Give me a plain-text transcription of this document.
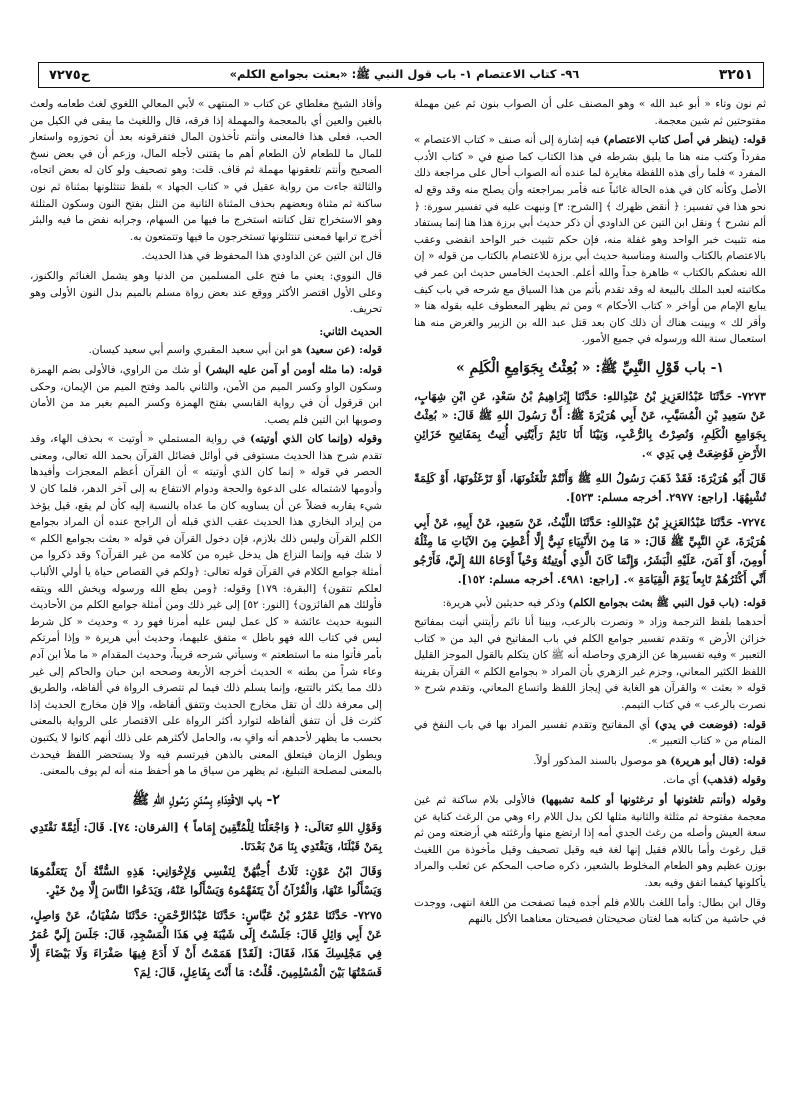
٣٢٥١
٩٦- كتاب الاعتصام ١- باب قول النبي ﷺ: «بعثت بجوامع الكلم»
ح٧٢٧٥

ثم نون وتاء « أبو عبد الله » وهو المصنف على أن الصواب بنون ثم عين مهملة مفتوحتين ثم شين معجمة.

قوله: (ينظر في أصل كتاب الاعتصام) فيه إشارة إلى أنه صنف « كتاب الاعتصام » مفرداً وكتب منه هنا ما يليق بشرطه في هذا الكتاب كما صنع في « كتاب الأدب المفرد » فلما رأى هذه اللفظة مغايرة لما عنده أنه الصواب أحال على مراجعة ذلك الأصل وكأنه كان في هذه الحالة غائباً عنه فأمر بمراجعته وأن يصلح منه وقد وقع له نحو هذا في تفسير: ﴿ أنقض ظهرك ﴾ [الشرح: ٣] ونبهت عليه في تفسير سورة: ﴿ ألم نشرح ﴾ ونقل ابن التين عن الداودي أن ذكر حديث أبي برزة هذا هنا إنما يستفاد منه تثبيت خبر الواحد وهو غفلة منه، فإن حكم تثبيت خبر الواحد انقضى وعقب بالاعتصام بالكتاب والسنة ومناسبة حديث أبي برزة للاعتصام بالكتاب من قوله « إن الله نعشكم بالكتاب » ظاهرة جداً والله أعلم. الحديث الخامس حديث ابن عمر في مكاتبته لعبد الملك بالبيعة له وقد تقدم بأتم من هذا السياق مع شرحه في باب كيف يبايع الإمام من أواخر « كتاب الأحكام » ومن ثم يظهر المعطوف عليه بقوله هنا « وأقر لك » وبينت هناك أن ذلك كان بعد قتل عبد الله بن الزبير والغرض منه هنا استعمال سنة الله ورسوله في جميع الأمور.

١- باب قَوْلِ النَّبِيِّ ﷺ: « بُعِثْتُ بِجَوَامِعِ الْكَلِمِ »

٧٢٧٣- حَدَّثَنَا عَبْدُالعَزِيزِ بْنُ عَبْدِاللهِ: حَدَّثَنَا إِبْرَاهِيمُ بْنُ سَعْدٍ، عَنِ ابْنِ شِهَابٍ، عَنْ سَعِيدِ بْنِ الْمُسَيَّبِ، عَنْ أَبِي هُرَيْرَةَ ﷺ: أَنَّ رَسُولَ اللهِ ﷺ قَالَ: « بُعِثْتُ بِجَوَامِعِ الْكَلِمِ، وَنُصِرْتُ بِالرُّعْبِ، وَبَيْنَا أَنَا نَائِمٌ رَأَيْتُنِي أُتِيتُ بِمَفَاتِيحِ خَزَائِنِ الأَرْضِ فَوُضِعَتْ فِي يَدِي ».

قَالَ أَبُو هُرَيْرَةَ: فَقَدْ ذَهَبَ رَسُولُ اللهِ ﷺ وَأَنْتُمْ تَلْغَثُونَهَا، أَوْ تَرْغَثُونَهَا، أَوْ كَلِمَةً تُشْبِهُهَا. [راجع: ٢٩٧٧. أخرجه مسلم: ٥٢٣].

٧٢٧٤- حَدَّثَنَا عَبْدُالعَزِيزِ بْنُ عَبْدِاللهِ: حَدَّثَنَا اللَّيْثُ، عَنْ سَعِيدٍ، عَنْ أَبِيهِ، عَنْ أَبِي هُرَيْرَةَ، عَنِ النَّبِيِّ ﷺ قَالَ: « مَا مِنَ الأَنْبِيَاءِ نَبِيٌّ إِلَّا أُعْطِيَ مِنَ الآيَاتِ مَا مِثْلُهُ أُومِنَ، أَوْ آمَنَ، عَلَيْهِ الْبَشَرُ، وَإِنَّمَا كَانَ الَّذِي أُوتِيتُهُ وَحْياً أَوْحَاهُ اللهُ إِلَيَّ، فَأَرْجُو أَنِّي أَكْثَرُهُمْ تَابِعاً يَوْمَ الْقِيَامَةِ ». [راجع: ٤٩٨١. أخرجه مسلم: ١٥٢].

قوله: (باب قول النبي ﷺ بعثت بجوامع الكلم) وذكر فيه حديثين لأبي هريرة:

أحدهما بلفظ الترجمة وزاد « ونصرت بالرعب، وبينا أنا نائم رأيتني أتيت بمفاتيح خزائن الأرض » وتقدم تفسير جوامع الكلم في باب المفاتيح في اليد من « كتاب التعبير » وفيه تفسيرها عن الزهري وحاصله أنه ﷺ كان يتكلم بالقول الموجز القليل اللفظ الكثير المعاني، وجزم غير الزهري بأن المراد « بجوامع الكلم » القرآن بقرينة قوله « بعثت » والقرآن هو الغاية في إيجاز اللفظ واتساع المعاني، وتقدم شرح « نصرت بالرعب » في كتاب التيمم.

قوله: (فوضعت في يدي) أي المفاتيح وتقدم تفسير المراد بها في باب النفخ في المنام من « كتاب التعبير ».

قوله: (قال أبو هريرة) هو موصول بالسند المذكور أولاً.

وقوله (فذهب) أي مات.

وقوله (وأنتم تلغثونها أو ترغثونها أو كلمة تشبهها) فالأولى بلام ساكنة ثم غين معجمة مفتوحة ثم مثلثة والثانية مثلها لكن بدل اللام راء وهي من الرغث كناية عن سعة العيش وأصله من رغث الجدي أمه إذا ارتضع منها وأرغثته هي أرضعته ومن ثم قيل رغوث وأما باللام فقيل إنها لغة فيه وقيل تصحيف وقيل مأخوذة من اللغيث بوزن عظيم وهو الطعام المخلوط بالشعير، ذكره صاحب المحكم عن ثعلب والمراد يأكلونها كيفما اتفق وفيه بعد.

وقال ابن بطال: وأما اللغث باللام فلم أجده فيما تصفحت من اللغة انتهى، ووجدت في حاشية من كتابه هما لغتان صحيحتان فصيحتان معناهما الأكل بالنهم

وأفاد الشيخ مغلطاي عن كتاب « المنتهى » لأبي المعالي اللغوي لغث طعامه ولعث بالغين والعين أي بالمعجمة والمهملة إذا فرقه، قال واللغيث ما يبقى في الكيل من الحب، فعلى هذا فالمعنى وأنتم تأخذون المال فتفرقونه بعد أن تحوزوه واستعار للمال ما للطعام لأن الطعام أهم ما يقتنى لأجله المال، وزعم أن في بعض نسخ الصحيح وأنتم تلعقونها مهملة ثم قاف. قلت: وهو تصحيف ولو كان له بعض اتجاه، والثالثة جاءت من رواية عقيل في « كتاب الجهاد » بلفظ تنتثلونها بمثناة ثم نون ساكنة ثم مثناة وبعضهم بحذف المثناة الثانية من النثل بفتح النون وسكون المثلثة وهو الاستخراج تقل كنانته استخرج ما فيها من السهام، وجرابه نفض ما فيه والبئر أخرج ترابها فمعنى تنتثلونها تستخرجون ما فيها وتتمتعون به.

قال ابن التين عن الداودي هذا المحفوظ في هذا الحديث.

قال النووي: يعني ما فتح على المسلمين من الدنيا وهو يشمل الغنائم والكنوز، وعلى الأول اقتصر الأكثر ووقع عند بعض رواة مسلم بالميم بدل النون الأولى وهو تحريف.

الحديث الثاني:

قوله: (عن سعيد) هو ابن أبي سعيد المقبري واسم أبي سعيد كيسان.

قوله: (ما مثله أومن أو آمن عليه البشر) أو شك من الراوي، فالأولى بضم الهمزة وسكون الواو وكسر الميم من الأمن، والثاني بالمد وفتح الميم من الإيمان، وحكى ابن قرقول أن في رواية القابسي بفتح الهمزة وكسر الميم بغير مد من الأمان وصوبها ابن التين فلم يصب.

وقوله (وإنما كان الذي أوتيته) في رواية المستملي « أوتيت » بحذف الهاء، وقد تقدم شرح هذا الحديث مستوفى في أوائل فضائل القرآن بحمد الله تعالى، ومعنى الحصر في قوله « إنما كان الذي أوتيته » أن القرآن أعظم المعجزات وأفيدها وأدومها لاشتماله على الدعوة والحجة ودوام الانتفاع به إلى آخر الدهر، فلما كان لا شيء يقاربه فضلاً عن أن يساويه كان ما عداه بالنسبة إليه كأن لم يقع، قيل يؤخذ من إيراد البخاري هذا الحديث عقب الذي قبله أن الراجح عنده أن المراد بجوامع الكلم القرآن وليس ذلك بلازم، فإن دخول القرآن في قوله « بعثت بجوامع الكلم » لا شك فيه وإنما النزاع هل يدخل غيره من كلامه من غير القرآن؟ وقد ذكروا من أمثلة جوامع الكلام في القرآن قوله تعالى: ﴿ولكم في القصاص حياة يا أولي الألباب لعلكم تتقون﴾ [البقرة: ١٧٩] وقوله: ﴿ومن يطع الله ورسوله ويخش الله ويتقه فأولئك هم الفائزون﴾ [النور: ٥٢] إلى غير ذلك ومن أمثلة جوامع الكلم من الأحاديث النبوية حديث عائشة « كل عمل ليس عليه أمرنا فهو رد » وحديث « كل شرط ليس في كتاب الله فهو باطل » متفق عليهما، وحديث أبي هريرة « وإذا أمرتكم بأمر فأتوا منه ما استطعتم » وسيأتي شرحه قريباً، وحديث المقدام « ما ملأ ابن آدم وعاء شراً من بطنه » الحديث أخرجه الأربعة وصححه ابن حبان والحاكم إلى غير ذلك مما يكثر بالتتبع، وإنما يسلم ذلك فيما لم تتصرف الرواة في ألفاظه، والطريق إلى معرفة ذلك أن تقل مخارج الحديث وتتفق ألفاظه، وإلا فإن مخارج الحديث إذا كثرت قل أن تتفق ألفاظه لتوارد أكثر الرواة على الاقتصار على الرواية بالمعنى بحسب ما يظهر لأحدهم أنه وافٍ به، والحامل لأكثرهم على ذلك أنهم كانوا لا يكتبون ويطول الزمان فيتعلق المعنى بالذهن فيرتسم فيه ولا يستحضر اللفظ فيحدث بالمعنى لمصلحة التبليغ، ثم يظهر من سياق ما هو أحفظ منه أنه لم يوف بالمعنى.

٢- باب الاقْتِدَاءِ بِسُنَنِ رَسُولِ اللهِ ﷺ

وَقَوْلِ اللهِ تَعَالَى: ﴿ وَاجْعَلْنَا لِلْمُتَّقِينَ إِمَاماً ﴾ [الفرقان: ٧٤]. قَالَ: أَئِمَّةً نَقْتَدِي بِمَنْ قَبْلَنَا، وَيَقْتَدِي بِنَا مَنْ بَعْدَنَا.

وَقَالَ ابْنُ عَوْنٍ: ثَلَاثٌ أُحِبُّهُنَّ لِنَفْسِي وَلِإِخْوَانِي: هَذِهِ السُّنَّةُ أَنْ يَتَعَلَّمُوهَا وَيَسْأَلُوا عَنْهَا، وَالْقُرْآنُ أَنْ يَتَفَهَّمُوهُ وَيَسْأَلُوا عَنْهُ، وَيَدَعُوا النَّاسَ إِلَّا مِنْ خَيْرٍ.

٧٢٧٥- حَدَّثَنَا عَمْرُو بْنُ عَبَّاسٍ: حَدَّثَنَا عَبْدُالرَّحْمَنِ: حَدَّثَنَا سُفْيَانُ، عَنْ وَاصِلٍ، عَنْ أَبِي وَائِلٍ قَالَ: جَلَسْتُ إِلَى شَيْبَةَ فِي هَذَا الْمَسْجِدِ، قَالَ: جَلَسَ إِلَيَّ عُمَرُ فِي مَجْلِسِكَ هَذَا، فَقَالَ: [لَقَدْ] هَمَمْتُ أَنْ لَا أَدَعَ فِيهَا صَفْرَاءَ وَلَا بَيْضَاءَ إِلَّا قَسَمْتُهَا بَيْنَ الْمُسْلِمِينَ. قُلْتُ: مَا أَنْتَ بِفَاعِلٍ، قَالَ: لِمَ؟
